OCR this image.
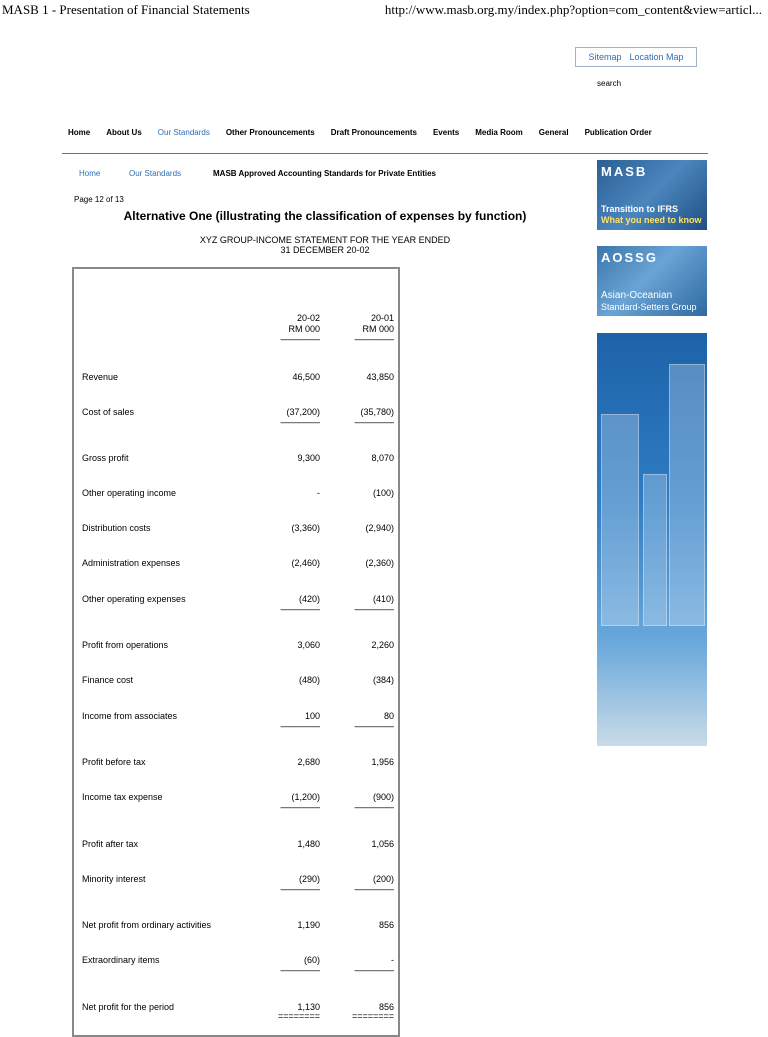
MASB 1 - Presentation of Financial Statements	http://www.masb.org.my/index.php?option=com_content&view=articl...
Sitemap Location Map
search
Home About Us Our Standards Other Pronouncements Draft Pronouncements Events Media Room General Publication Order
Home	Our Standards	MASB Approved Accounting Standards for Private Entities
Page 12 of 13
Alternative One (illustrating the classification of expenses by function)
XYZ GROUP-INCOME STATEMENT FOR THE YEAR ENDED
31 DECEMBER 20-02
20-02
RM 000
20-01
RM 000
------------------------	------------------------
Revenue	46,500	43,850
Cost of sales	(37,200)	(35,780)
------------------------	------------------------
Gross profit	9,300	8,070
Other operating income	-	(100)
Distribution costs	(3,360)	(2,940)
Administration expenses	(2,460)	(2,360)
Other operating expenses	(420)	(410)
------------------------	------------------------
Profit from operations	3,060	2,260
Finance cost	(480)	(384)
Income from associates	100	80
------------------------	------------------------
Profit before tax	2,680	1,956
Income tax expense	(1,200)	(900)
------------------------	------------------------
Profit after tax	1,480	1,056
Minority interest	(290)	(200)
------------------------	------------------------
Net profit from ordinary activities	1,190	856
Extraordinary items	(60)	-
------------------------	------------------------
Net profit for the period	1,130	856
========	========
MASB
Transition to IFRS
What you need to know
AOSSG
Asian-Oceanian
Standard-Setters Group
